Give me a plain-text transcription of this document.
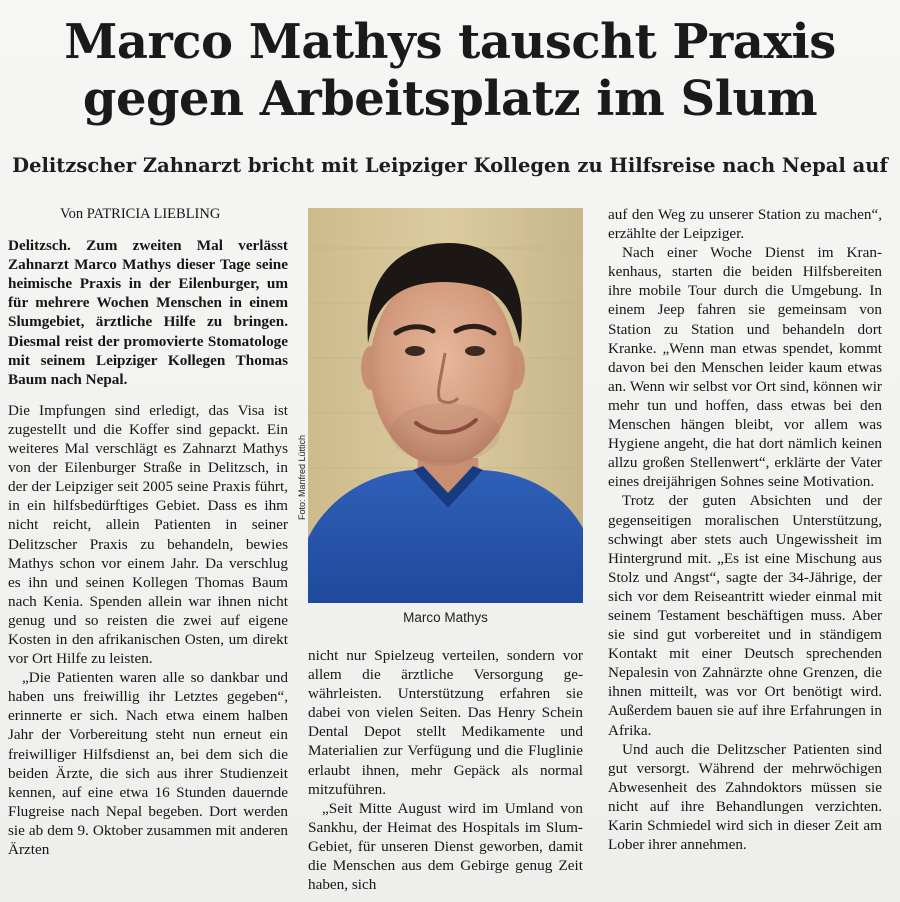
Marco Mathys tauscht Praxis
gegen Arbeitsplatz im Slum
Delitzscher Zahnarzt bricht mit Leipziger Kollegen zu Hilfsreise nach Nepal auf

Von PATRICIA LIEBLING

Delitzsch. Zum zweiten Mal verlässt Zahnarzt Marco Mathys dieser Tage seine heimische Praxis in der Eilenburger, um für mehrere Wochen Menschen in einem Slumgebiet, ärztliche Hilfe zu bringen. Diesmal reist der promovierte Stomatologe mit seinem Leipziger Kollegen Thomas Baum nach Nepal.

Die Impfungen sind erledigt, das Visa ist zugestellt und die Koffer sind gepackt. Ein weiteres Mal verschlägt es Zahnarzt Mathys von der Eilenburger Straße in Delitzsch, in der der Leipziger seit 2005 seine Praxis führt, in ein hilfsbedürftiges Gebiet. Dass es ihm nicht reicht, allein Patienten in seiner Delitzscher Praxis zu behandeln, bewies Mathys schon vor einem Jahr. Da verschlug es ihn und seinen Kollegen Thomas Baum nach Kenia. Spenden allein war ihnen nicht genug und so reisten die zwei auf eigene Kosten in den afrikanischen Osten, um direkt vor Ort Hilfe zu leisten.

„Die Patienten waren alle so dankbar und haben uns freiwillig ihr Letztes gegeben“, erinnerte er sich. Nach etwa einem halben Jahr der Vorbereitung steht nun erneut ein freiwilliger Hilfsdienst an, bei dem sich die beiden Ärzte, die sich aus ihrer Studienzeit kennen, auf eine etwa 16 Stunden dauernde Flugreise nach Nepal begeben. Dort werden sie ab dem 9. Oktober zusammen mit anderen Ärzten

Foto: Manfred Lüttich
Marco Mathys

nicht nur Spielzeug verteilen, sondern vor allem die ärztliche Versorgung gewährleisten. Unterstützung erfahren sie dabei von vielen Seiten. Das Henry Schein Dental Depot stellt Medikamente und Materialien zur Verfügung und die Fluglinie erlaubt ihnen, mehr Gepäck als normal mitzuführen.

„Seit Mitte August wird im Umland von Sankhu, der Heimat des Hospitals im Slum-Gebiet, für unseren Dienst geworben, damit die Menschen aus dem Gebirge genug Zeit haben, sich

auf den Weg zu unserer Station zu machen“, erzählte der Leipziger.

Nach einer Woche Dienst im Krankenhaus, starten die beiden Hilfsbereiten ihre mobile Tour durch die Umgebung. In einem Jeep fahren sie gemeinsam von Station zu Station und behandeln dort Kranke. „Wenn man etwas spendet, kommt davon bei den Menschen leider kaum etwas an. Wenn wir selbst vor Ort sind, können wir mehr tun und hoffen, dass etwas bei den Menschen hängen bleibt, vor allem was Hygiene angeht, die hat dort nämlich keinen allzu großen Stellenwert“, erklärte der Vater eines dreijährigen Sohnes seine Motivation.

Trotz der guten Absichten und der gegenseitigen moralischen Unterstützung, schwingt aber stets auch Ungewissheit im Hintergrund mit. „Es ist eine Mischung aus Stolz und Angst“, sagte der 34-Jährige, der sich vor dem Reiseantritt wieder einmal mit seinem Testament beschäftigen muss. Aber sie sind gut vorbereitet und in ständigem Kontakt mit einer Deutsch sprechenden Nepalesin von Zahnärzte ohne Grenzen, die ihnen mitteilt, was vor Ort benötigt wird. Außerdem bauen sie auf ihre Erfahrungen in Afrika.

Und auch die Delitzscher Patienten sind gut versorgt. Während der mehrwöchigen Abwesenheit des Zahndoktors müssen sie nicht auf ihre Behandlungen verzichten. Karin Schmiedel wird sich in dieser Zeit am Lober ihrer annehmen.
